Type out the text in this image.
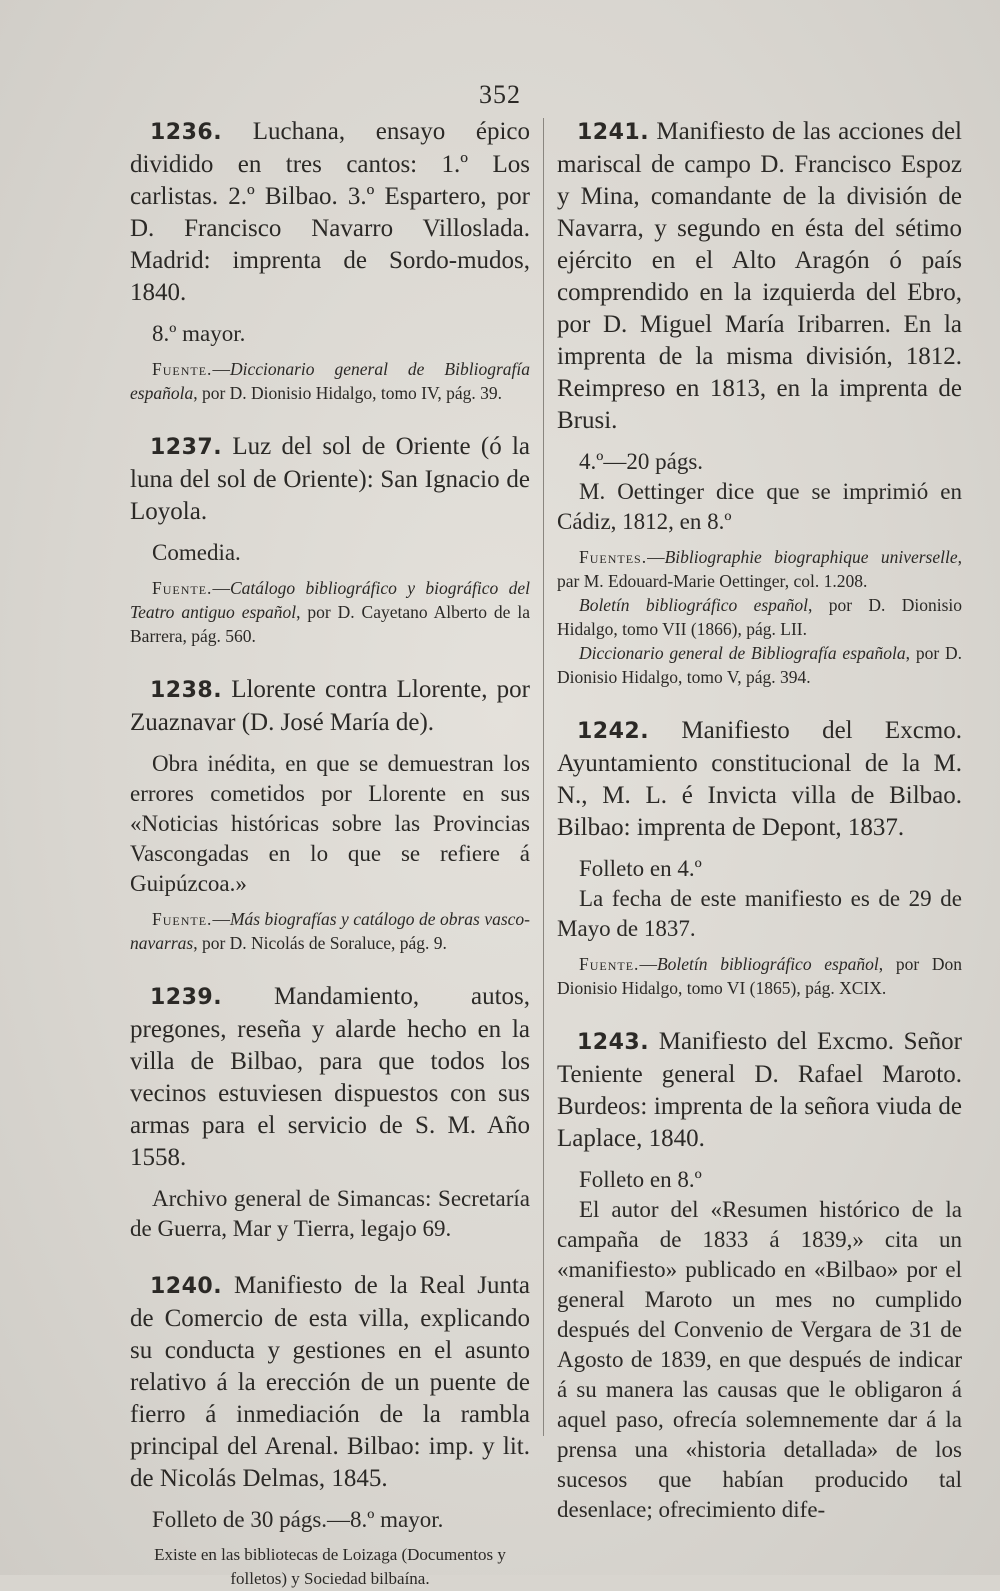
352

1236. Luchana, ensayo épico dividido en tres cantos: 1.º Los carlistas. 2.º Bilbao. 3.º Espartero, por D. Francisco Navarro Villoslada. Madrid: imprenta de Sordo-mudos, 1840.

8.º mayor.

Fuente.—Diccionario general de Bibliografía española, por D. Dionisio Hidalgo, tomo IV, pág. 39.

1237. Luz del sol de Oriente (ó la luna del sol de Oriente): San Ignacio de Loyola.

Comedia.

Fuente.—Catálogo bibliográfico y biográfico del Teatro antiguo español, por D. Cayetano Alberto de la Barrera, pág. 560.

1238. Llorente contra Llorente, por Zuaznavar (D. José María de).

Obra inédita, en que se demuestran los errores cometidos por Llorente en sus «Noticias históricas sobre las Provincias Vascongadas en lo que se refiere á Guipúzcoa.»

Fuente.—Más biografías y catálogo de obras vasco-navarras, por D. Nicolás de Soraluce, pág. 9.

1239. Mandamiento, autos, pregones, reseña y alarde hecho en la villa de Bilbao, para que todos los vecinos estuviesen dispuestos con sus armas para el servicio de S. M. Año 1558.

Archivo general de Simancas: Secretaría de Guerra, Mar y Tierra, legajo 69.

1240. Manifiesto de la Real Junta de Comercio de esta villa, explicando su conducta y gestiones en el asunto relativo á la erección de un puente de fierro á inmediación de la rambla principal del Arenal. Bilbao: imp. y lit. de Nicolás Delmas, 1845.

Folleto de 30 págs.—8.º mayor.

Existe en las bibliotecas de Loizaga (Documentos y folletos) y Sociedad bilbaína.

1241. Manifiesto de las acciones del mariscal de campo D. Francisco Espoz y Mina, comandante de la división de Navarra, y segundo en ésta del sétimo ejército en el Alto Aragón ó país comprendido en la izquierda del Ebro, por D. Miguel María Iribarren. En la imprenta de la misma división, 1812. Reimpreso en 1813, en la imprenta de Brusi.

4.º—20 págs.

M. Oettinger dice que se imprimió en Cádiz, 1812, en 8.º

Fuentes.—Bibliographie biographique universelle, par M. Edouard-Marie Oettinger, col. 1.208.

Boletín bibliográfico español, por D. Dionisio Hidalgo, tomo VII (1866), pág. LII.

Diccionario general de Bibliografía española, por D. Dionisio Hidalgo, tomo V, pág. 394.

1242. Manifiesto del Excmo. Ayuntamiento constitucional de la M. N., M. L. é Invicta villa de Bilbao. Bilbao: imprenta de Depont, 1837.

Folleto en 4.º

La fecha de este manifiesto es de 29 de Mayo de 1837.

Fuente.—Boletín bibliográfico español, por Don Dionisio Hidalgo, tomo VI (1865), pág. XCIX.

1243. Manifiesto del Excmo. Señor Teniente general D. Rafael Maroto. Burdeos: imprenta de la señora viuda de Laplace, 1840.

Folleto en 8.º

El autor del «Resumen histórico de la campaña de 1833 á 1839,» cita un «manifiesto» publicado en «Bilbao» por el general Maroto un mes no cumplido después del Convenio de Vergara de 31 de Agosto de 1839, en que después de indicar á su manera las causas que le obligaron á aquel paso, ofrecía solemnemente dar á la prensa una «historia detallada» de los sucesos que habían producido tal desenlace; ofrecimiento dife-
